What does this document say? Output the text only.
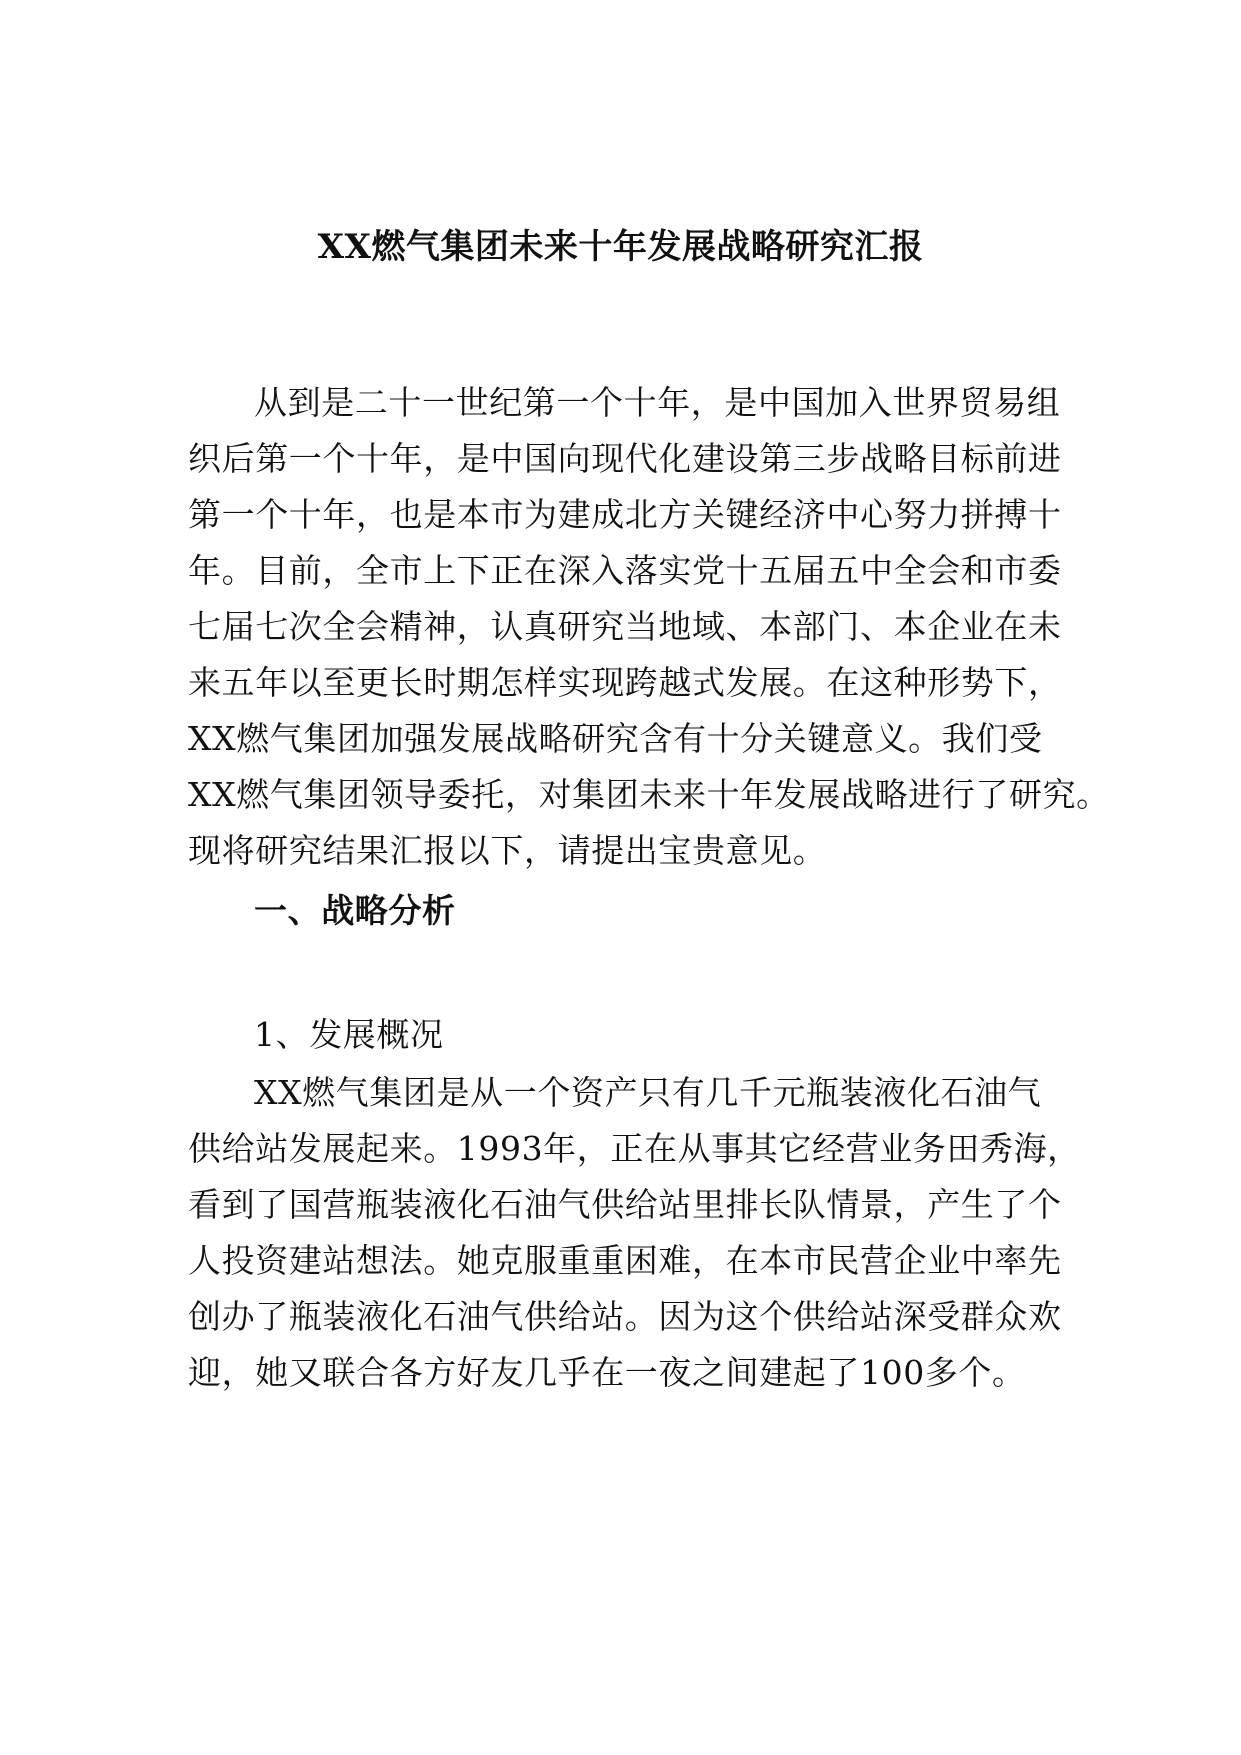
XX燃气集团未来十年发展战略研究汇报
从到是二十一世纪第一个十年，是中国加入世界贸易组
织后第一个十年，是中国向现代化建设第三步战略目标前进
第一个十年，也是本市为建成北方关键经济中心努力拼搏十
年。目前，全市上下正在深入落实党十五届五中全会和市委
七届七次全会精神，认真研究当地域、本部门、本企业在未
来五年以至更长时期怎样实现跨越式发展。在这种形势下，
XX燃气集团加强发展战略研究含有十分关键意义。我们受
XX燃气集团领导委托，对集团未来十年发展战略进行了研究。
现将研究结果汇报以下，请提出宝贵意见。
一、战略分析
1、发展概况
XX燃气集团是从一个资产只有几千元瓶装液化石油气
供给站发展起来。1993年，正在从事其它经营业务田秀海，
看到了国营瓶装液化石油气供给站里排长队情景，产生了个
人投资建站想法。她克服重重困难，在本市民营企业中率先
创办了瓶装液化石油气供给站。因为这个供给站深受群众欢
迎，她又联合各方好友几乎在一夜之间建起了100多个。
